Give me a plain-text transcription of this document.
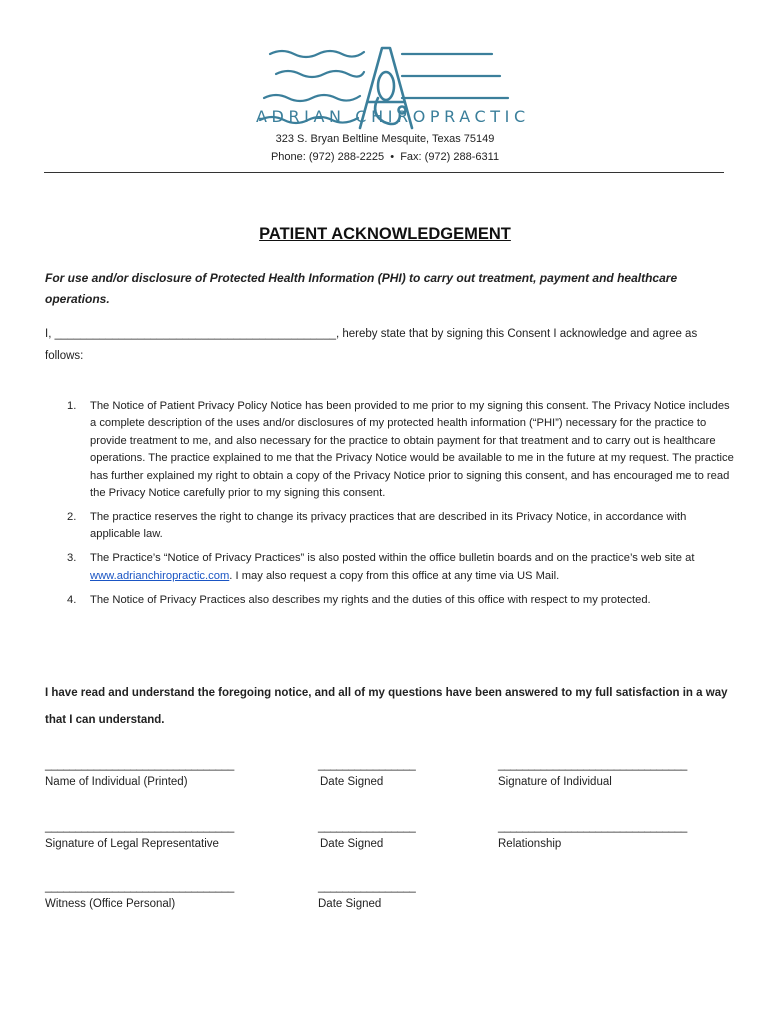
ADRIAN CHIROPRACTIC
323 S. Bryan Beltline Mesquite, Texas 75149
Phone: (972) 288-2225 • Fax: (972) 288-6311
PATIENT ACKNOWLEDGEMENT
For use and/or disclosure of Protected Health Information (PHI) to carry out treatment, payment and healthcare operations.
I, ____________________________________________, hereby state that by signing this Consent I acknowledge and agree as follows:
1. The Notice of Patient Privacy Policy Notice has been provided to me prior to my signing this consent. The Privacy Notice includes a complete description of the uses and/or disclosures of my protected health information (“PHI”) necessary for the practice to provide treatment to me, and also necessary for the practice to obtain payment for that treatment and to carry out is healthcare operations. The practice explained to me that the Privacy Notice would be available to me in the future at my request. The practice has further explained my right to obtain a copy of the Privacy Notice prior to signing this consent, and has encouraged me to read the Privacy Notice carefully prior to my signing this consent.
2. The practice reserves the right to change its privacy practices that are described in its Privacy Notice, in accordance with applicable law.
3. The Practice’s “Notice of Privacy Practices” is also posted within the office bulletin boards and on the practice’s web site at www.adrianchiropractic.com. I may also request a copy from this office at any time via US Mail.
4. The Notice of Privacy Practices also describes my rights and the duties of this office with respect to my protected.
I have read and understand the foregoing notice, and all of my questions have been answered to my full satisfaction in a way that I can understand.
_______________________________
Name of Individual (Printed)
________________
Date Signed
_______________________________
Signature of Individual
_______________________________
Signature of Legal Representative
________________
Date Signed
_______________________________
Relationship
_______________________________
Witness (Office Personal)
________________
Date Signed
